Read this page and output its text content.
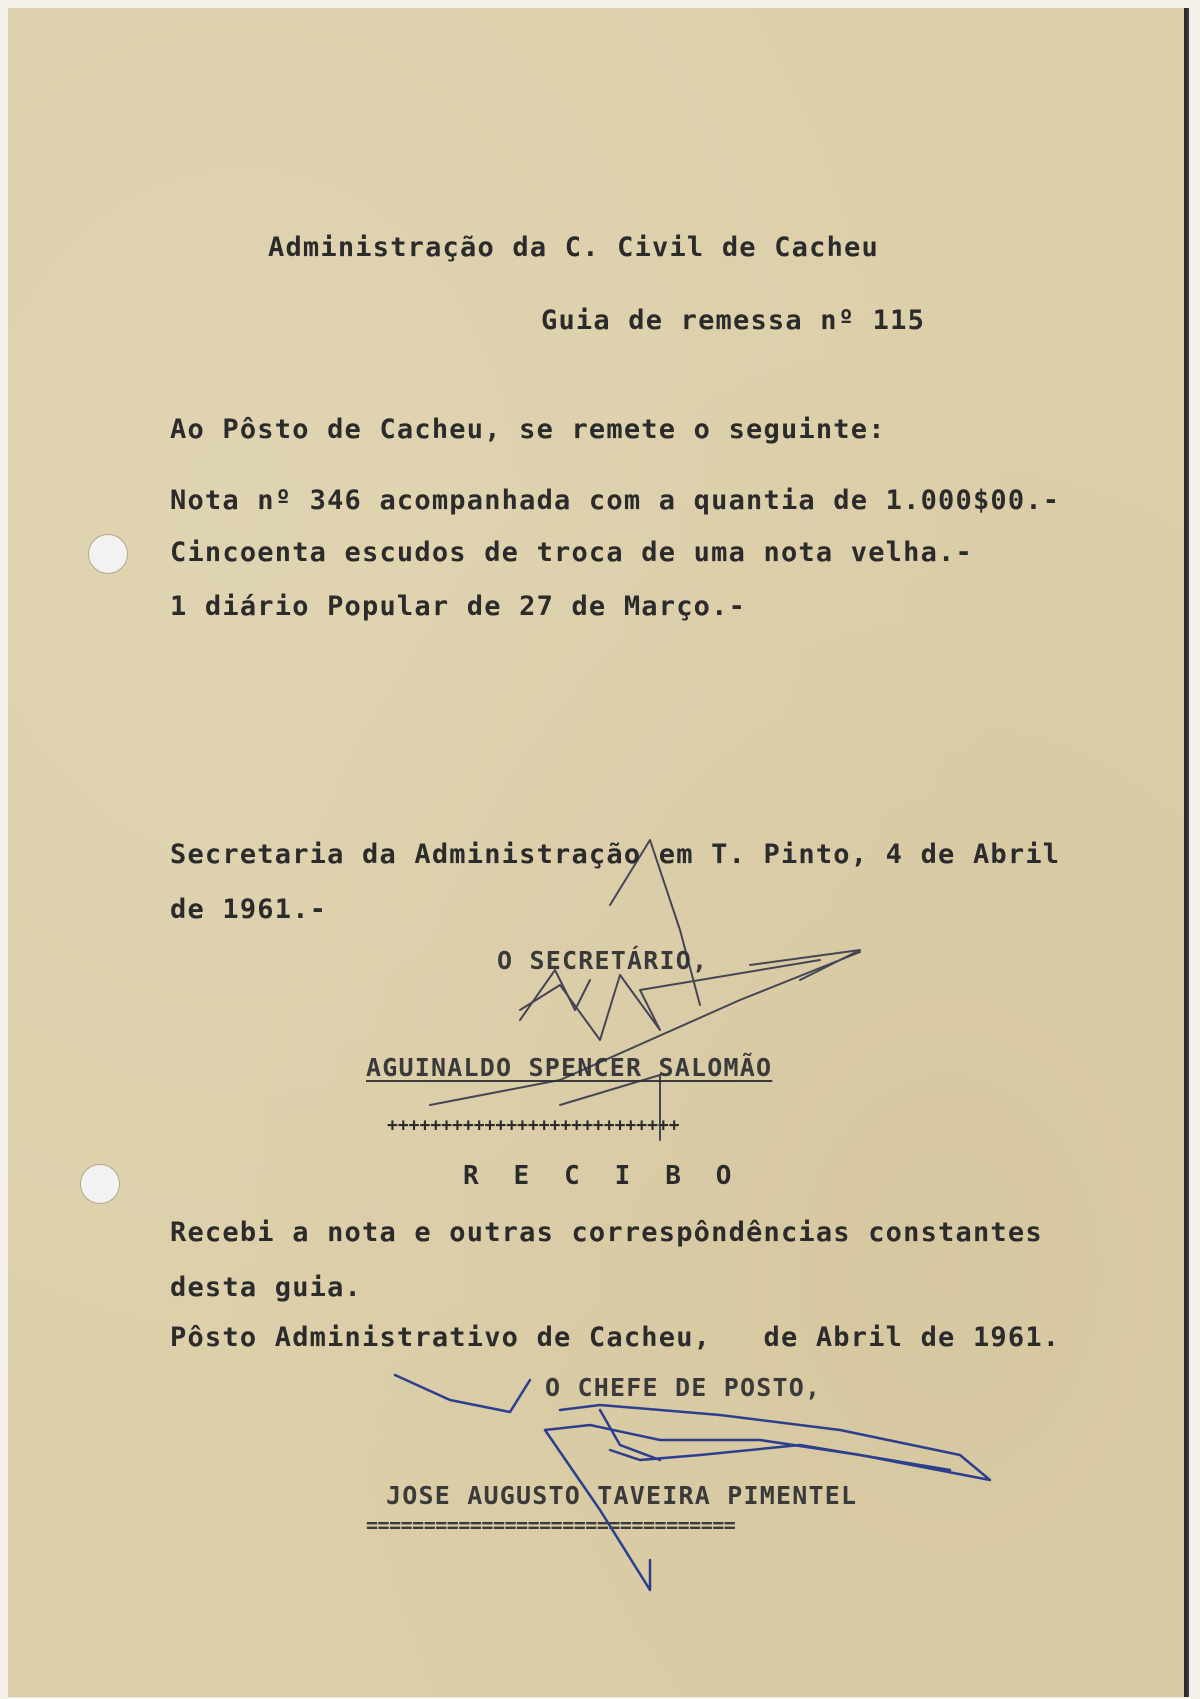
Administração da C. Civil de Cacheu

Guia de remessa nº 115

Ao Pôsto de Cacheu, se remete o seguinte:

Nota nº 346 acompanhada com a quantia de 1.000$00.-

Cincoenta escudos de troca de uma nota velha.-

1 diário Popular de 27 de Março.-

Secretaria da Administração em T. Pinto, 4 de Abril

de 1961.-

O SECRETÁRIO,

AGUINALDO SPENCER SALOMÃO

+++++++++++++++++++++++++++

R  E  C  I  B  O

Recebi a nota e outras correspôndências constantes

desta guia.

Pôsto Administrativo de Cacheu,   de Abril de 1961.

O CHEFE DE POSTO,

JOSE AUGUSTO TAVEIRA PIMENTEL

================================
